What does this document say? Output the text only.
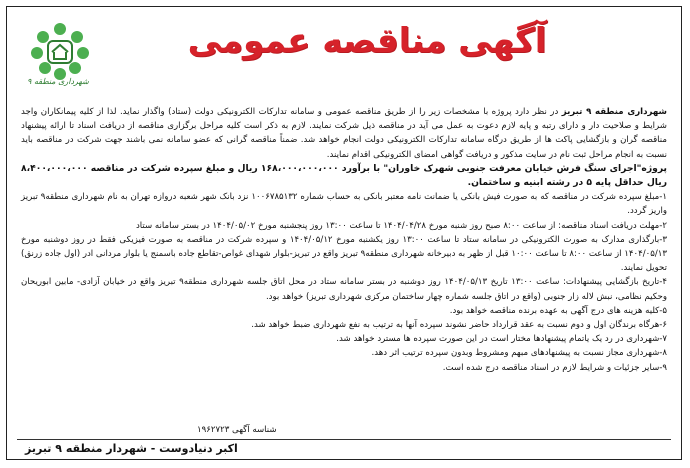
شهرداری منطقه ۹
آگهی مناقصه عمومی

شهرداری منطقه ۹ تبریز در نظر دارد پروژه با مشخصات زیر را از طریق مناقصه عمومی و سامانه تدارکات الکترونیکی دولت (ستاد) واگذار نماید. لذا از کلیه پیمانکاران واجد شرایط و صلاحیت دار و دارای رتبه و پایه لازم دعوت به عمل می آید در مناقصه ذیل شرکت نمایند. لازم به ذکر است کلیه مراحل برگزاری مناقصه از دریافت اسناد تا ارائه پیشنهاد مناقصه گران و بازگشایی پاکت ها از طریق درگاه سامانه تدارکات الکترونیکی دولت انجام خواهد شد. ضمناً مناقصه گرانی که عضو سامانه نمی باشند جهت شرکت در مناقصه باید نسبت به انجام مراحل ثبت نام در سایت مذکور و دریافت گواهی امضای الکترونیکی اقدام نمایند.

پروژه"اجرای سنگ فرش خیابان معرفت جنوبی شهرک خاوران" با برآورد ۱۶۸،۰۰۰،۰۰۰،۰۰۰ ریال و مبلغ سپرده شرکت در مناقصه ۸،۴۰۰،۰۰۰،۰۰۰ ریال حداقل پایه ۵ در رشته ابنیه و ساختمان.

۱-مبلغ سپرده شرکت در مناقصه که به صورت فیش بانکی یا ضمانت نامه معتبر بانکی به حساب شماره ۱۰۰۶۷۸۵۱۳۲ نزد بانک شهر شعبه دروازه تهران به نام شهرداری منطقه۹ تبریز واریز گردد.
۲-مهلت دریافت اسناد مناقصه: از ساعت ۸:۰۰ صبح روز شنبه مورخ ۱۴۰۴/۰۴/۲۸ تا ساعت ۱۳:۰۰ روز پنجشنبه مورخ ۱۴۰۴/۰۵/۰۲ در بستر سامانه ستاد
۳-بارگذاری مدارک به صورت الکترونیکی در سامانه ستاد تا ساعت ۱۳:۰۰ روز یکشنبه مورخ ۱۴۰۴/۰۵/۱۲ و سپرده شرکت در مناقصه به صورت فیزیکی فقط در روز دوشنبه مورخ ۱۴۰۴/۰۵/۱۳ از ساعت ۸:۰۰ تا ساعت ۱۰:۰۰ قبل از ظهر به دبیرخانه شهرداری منطقه۹ تبریز واقع در تبریز-بلوار شهدای غواص-تقاطع جاده باسمنج یا بلوار مردانی ادر (اول جاده زرنق) تحویل نمایند.
۴-تاریخ بازگشایی پیشنهادات: ساعت ۱۳:۰۰ تاریخ ۱۴۰۴/۰۵/۱۳ روز دوشنبه در بستر سامانه ستاد در محل اتاق جلسه شهرداری منطقه۹ تبریز واقع در خیابان آزادی- مابین ابوریحان وحکیم نظامی، نبش لاله زار جنوبی (واقع در اتاق جلسه شماره چهار ساختمان مرکزی شهرداری تبریز) خواهد بود.
۵-کلیه هزینه های درج آگهی به عهده برنده مناقصه خواهد بود.
۶-هرگاه برندگان اول و دوم نسبت به عقد قرارداد حاضر نشوند سپرده آنها به ترتیب به نفع شهرداری ضبط خواهد شد.
۷-شهرداری در رد یک یاتمام پیشنهادها مختار است در این صورت سپرده ها مسترد خواهد شد.
۸-شهرداری مجاز نسبت به پیشنهادهای مبهم ومشروط وبدون سپرده ترتیب اثر دهد.
۹-سایر جزئیات و شرایط لازم در اسناد مناقصه درج شده است.
شناسه آگهی ۱۹۶۲۷۲۳
اکبر دنیادوست - شهردار منطقه ۹ تبریز
